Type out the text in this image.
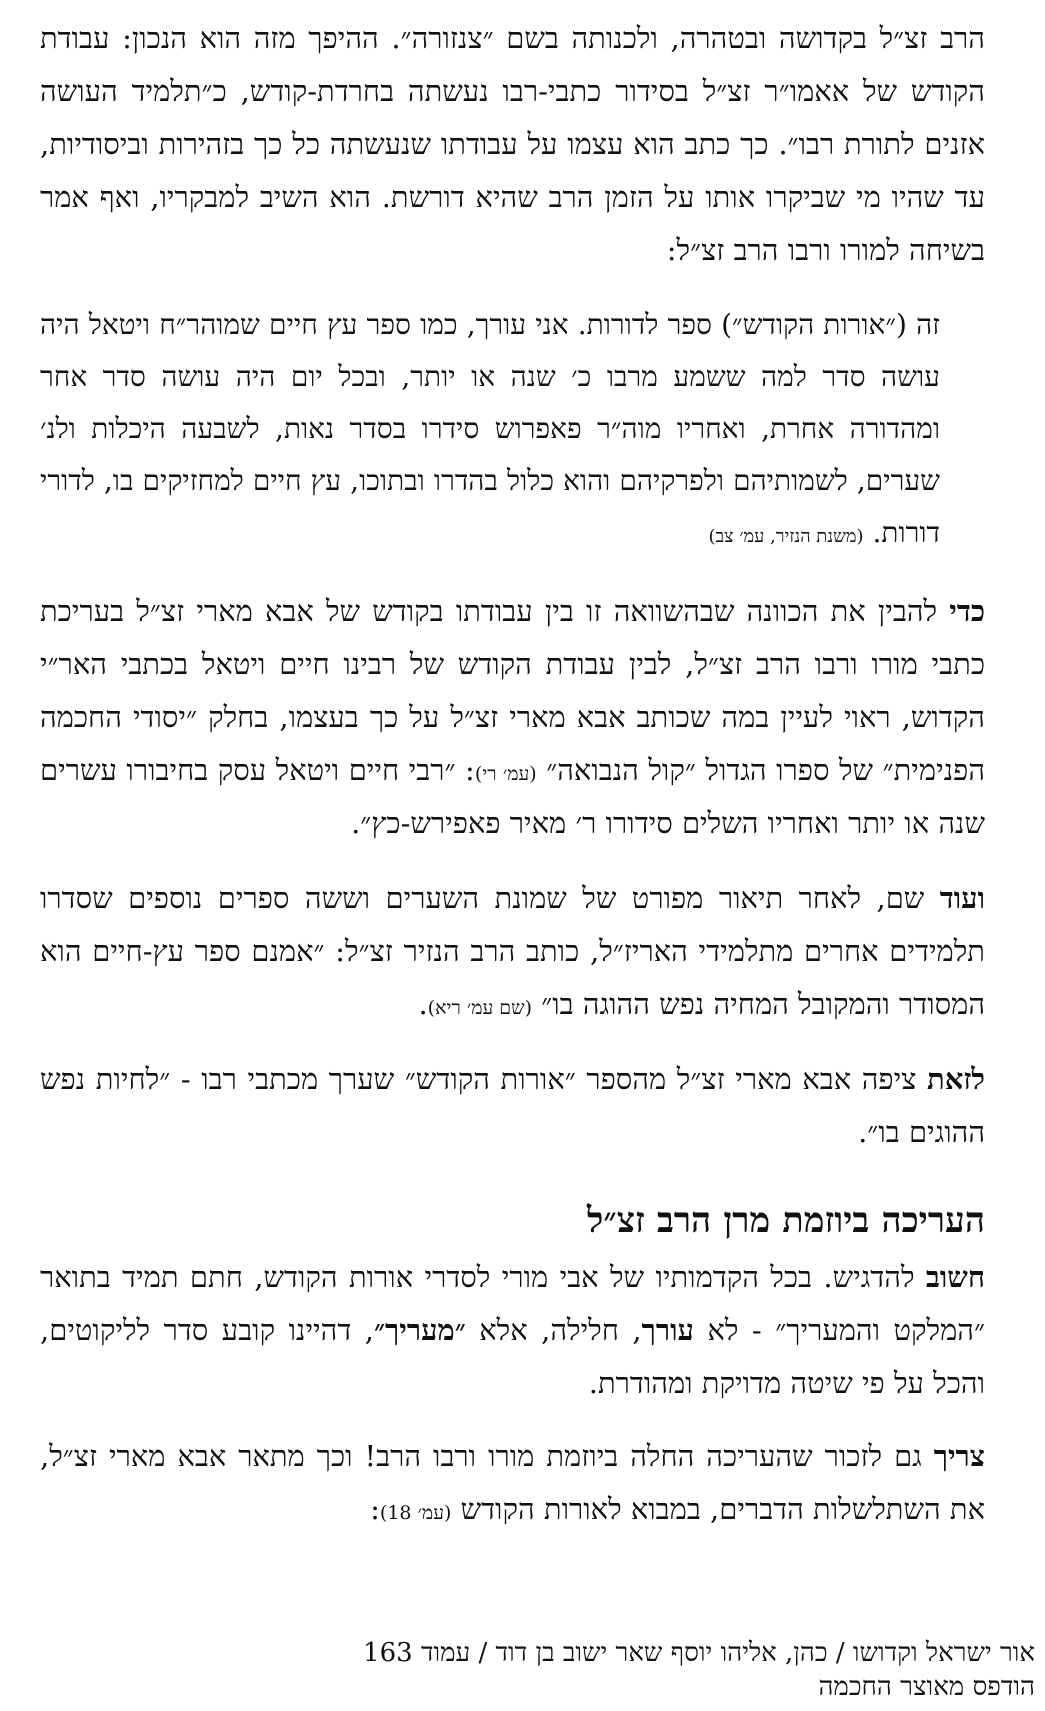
הרב זצ״ל בקדושה ובטהרה, ולכנותה בשם ״צנזורה״. ההיפך מזה הוא הנכון: עבודת הקודש של אאמו״ר זצ״ל בסידור כתבי-רבו נעשתה בחרדת-קודש, כ״תלמיד העושה אזנים לתורת רבו״. כך כתב הוא עצמו על עבודתו שנעשתה כל כך בזהירות וביסודיות, עד שהיו מי שביקרו אותו על הזמן הרב שהיא דורשת. הוא השיב למבקריו, ואף אמר בשיחה למורו ורבו הרב זצ״ל:

זה (״אורות הקודש״) ספר לדורות. אני עורך, כמו ספר עץ חיים שמוהר״ח ויטאל היה עושה סדר למה ששמע מרבו כ׳ שנה או יותר, ובכל יום היה עושה סדר אחר ומהדורה אחרת, ואחריו מוה״ר פאפרוש סידרו בסדר נאות, לשבעה היכלות ולנ׳ שערים, לשמותיהם ולפרקיהם והוא כלול בהדרו ובתוכו, עץ חיים למחזיקים בו, לדורי דורות. (משנת הנזיר, עמ׳ צב)

כדי להבין את הכוונה שבהשוואה זו בין עבודתו בקודש של אבא מארי זצ״ל בעריכת כתבי מורו ורבו הרב זצ״ל, לבין עבודת הקודש של רבינו חיים ויטאל בכתבי האר״י הקדוש, ראוי לעיין במה שכותב אבא מארי זצ״ל על כך בעצמו, בחלק ״יסודי החכמה הפנימית״ של ספרו הגדול ״קול הנבואה״ (עמ׳ רי): ״רבי חיים ויטאל עסק בחיבורו עשרים שנה או יותר ואחריו השלים סידורו ר׳ מאיר פאפירש-כץ״.

ועוד שם, לאחר תיאור מפורט של שמונת השערים וששה ספרים נוספים שסדרו תלמידים אחרים מתלמידי האריז״ל, כותב הרב הנזיר זצ״ל: ״אמנם ספר עץ-חיים הוא המסודר והמקובל המחיה נפש ההוגה בו״ (שם עמ׳ ריא).

לזאת ציפה אבא מארי זצ״ל מהספר ״אורות הקודש״ שערך מכתבי רבו - ״לחיות נפש ההוגים בו״.

העריכה ביוזמת מרן הרב זצ״ל

חשוב להדגיש. בכל הקדמותיו של אבי מורי לסדרי אורות הקודש, חתם תמיד בתואר ״המלקט והמעריך״ - לא עורך, חלילה, אלא ״מעריך״, דהיינו קובע סדר לליקוטים, והכל על פי שיטה מדויקת ומהודרת.

צריך גם לזכור שהעריכה החלה ביוזמת מורו ורבו הרב! וכך מתאר אבא מארי זצ״ל, את השתלשלות הדברים, במבוא לאורות הקודש (עמ׳ 18):

אור ישראל וקדושו / כהן, אליהו יוסף שאר ישוב בן דוד / עמוד 163
הודפס מאוצר החכמה
